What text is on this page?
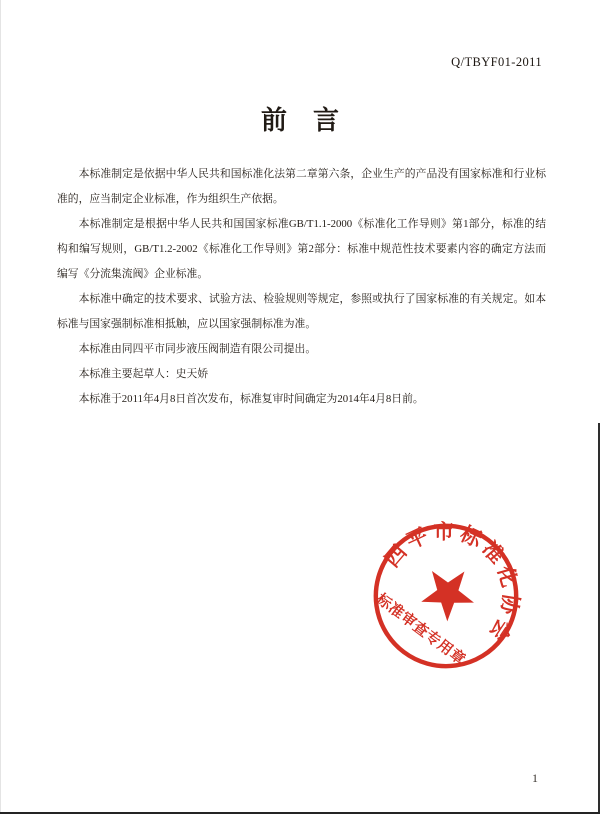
Q/TBYF01-2011
前　言

本标准制定是依据中华人民共和国标准化法第二章第六条，企业生产的产品没有国家标准和行业标准的，应当制定企业标准，作为组织生产依据。

本标准制定是根据中华人民共和国国家标准GB/T1.1-2000《标准化工作导则》第1部分，标准的结构和编写规则，GB/T1.2-2002《标准化工作导则》第2部分：标准中规范性技术要素内容的确定方法而编写《分流集流阀》企业标准。

本标准中确定的技术要求、试验方法、检验规则等规定，参照或执行了国家标准的有关规定。如本标准与国家强制标准相抵触，应以国家强制标准为准。

本标准由同四平市同步液压阀制造有限公司提出。

本标准主要起草人：史天娇

本标准于2011年4月8日首次发布，标准复审时间确定为2014年4月8日前。

四平市标准化协会
标准审查专用章
1
